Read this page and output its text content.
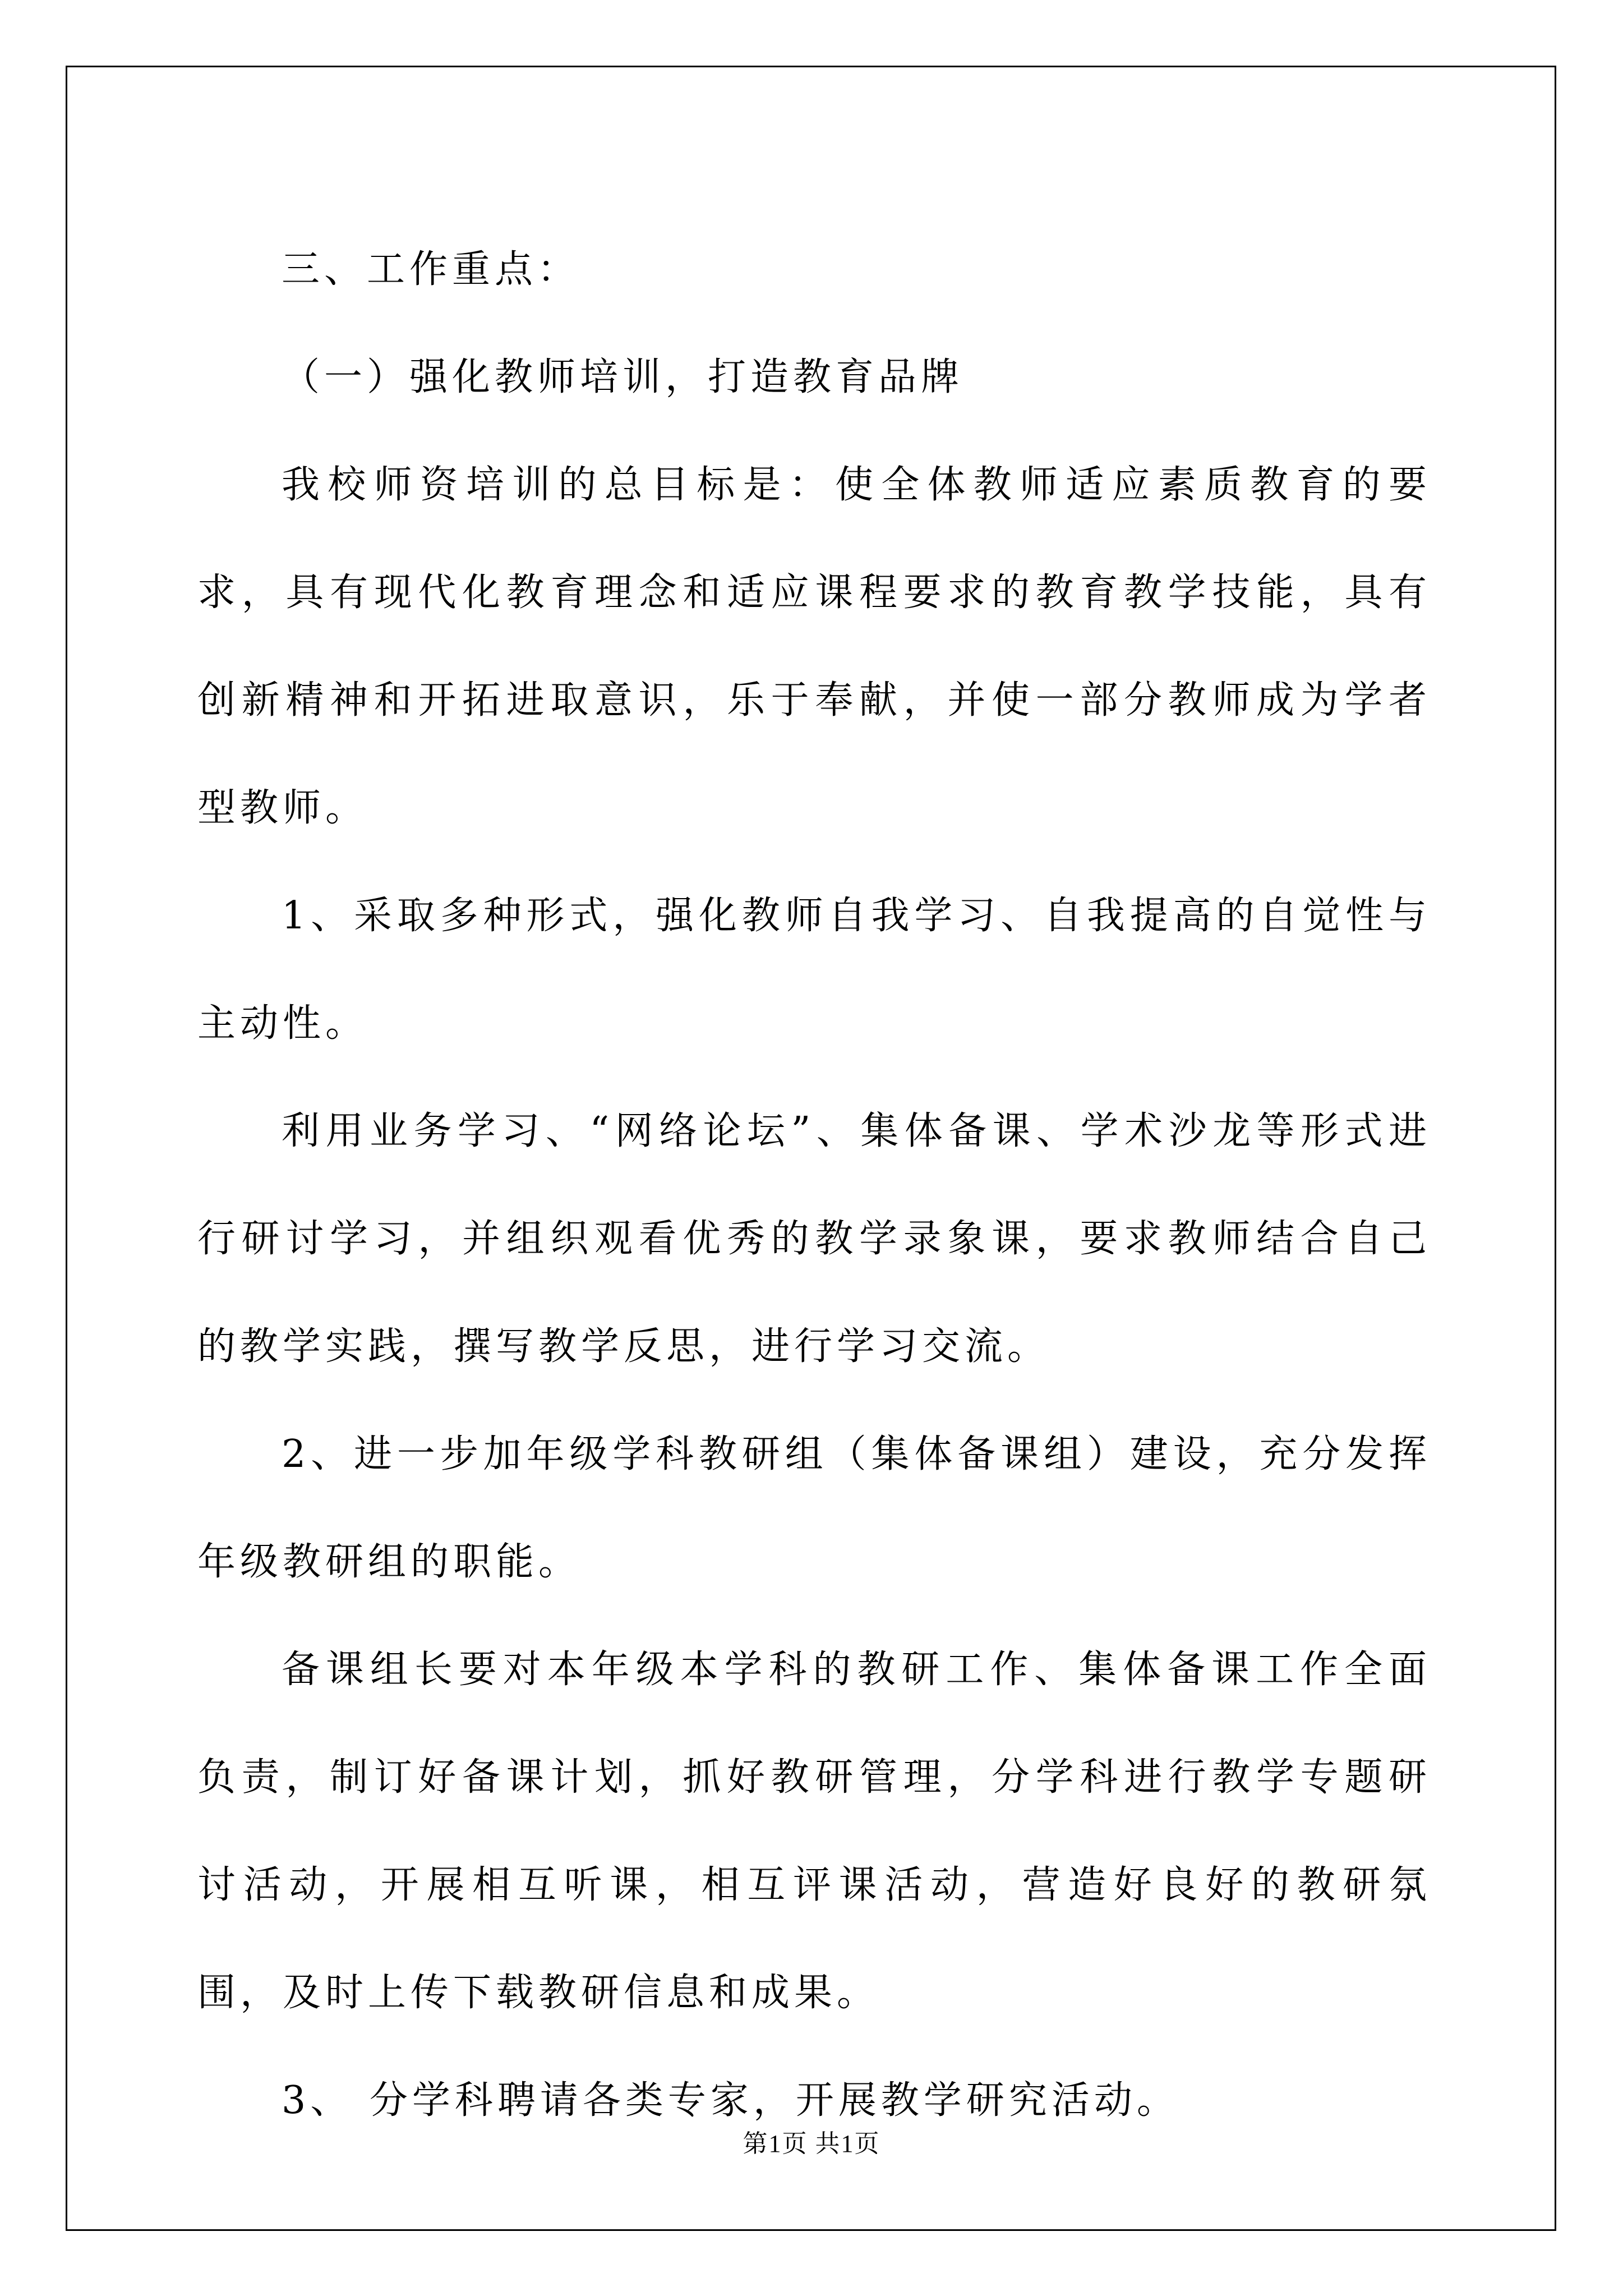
三、工作重点：

（一）强化教师培训，打造教育品牌

我校师资培训的总目标是：使全体教师适应素质教育的要求，具有现代化教育理念和适应课程要求的教育教学技能，具有创新精神和开拓进取意识，乐于奉献，并使一部分教师成为学者型教师。

1、采取多种形式，强化教师自我学习、自我提高的自觉性与主动性。

利用业务学习、“网络论坛”、集体备课、学术沙龙等形式进行研讨学习，并组织观看优秀的教学录象课，要求教师结合自己的教学实践，撰写教学反思，进行学习交流。

2、进一步加年级学科教研组（集体备课组）建设，充分发挥年级教研组的职能。

备课组长要对本年级本学科的教研工作、集体备课工作全面负责，制订好备课计划，抓好教研管理，分学科进行教学专题研讨活动，开展相互听课，相互评课活动，营造好良好的教研氛围，及时上传下载教研信息和成果。

3、 分学科聘请各类专家，开展教学研究活动。

第1页 共1页
